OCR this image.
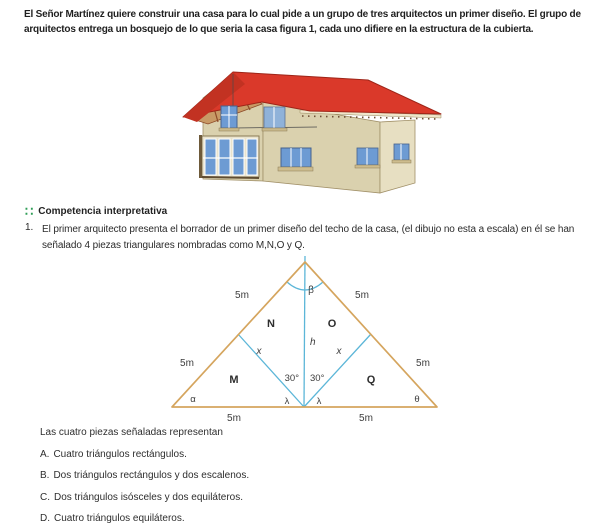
El Señor Martínez quiere construir una casa para lo cual pide a un grupo de tres arquitectos un primer diseño. El grupo de arquitectos entrega un bosquejo de lo que seria la casa figura 1, cada uno difiere en la estructura de la cubierta.
∷ Competencia interpretativa
1. El primer arquitecto presenta el borrador de un primer diseño del techo de la casa, (el dibujo no esta a escala) en él se han señalado 4 piezas triangulares nombradas como M,N,O y Q.
5m	β	5m
N	O
h
x	x
5m	5m
M	Q
30° 30°
α	λ	λ	θ
5m	5m
Las cuatro piezas señaladas representan
A. Cuatro triángulos rectángulos.
B. Dos triángulos rectángulos y dos escalenos.
C. Dos triángulos isósceles y dos equiláteros.
D. Cuatro triángulos equiláteros.
